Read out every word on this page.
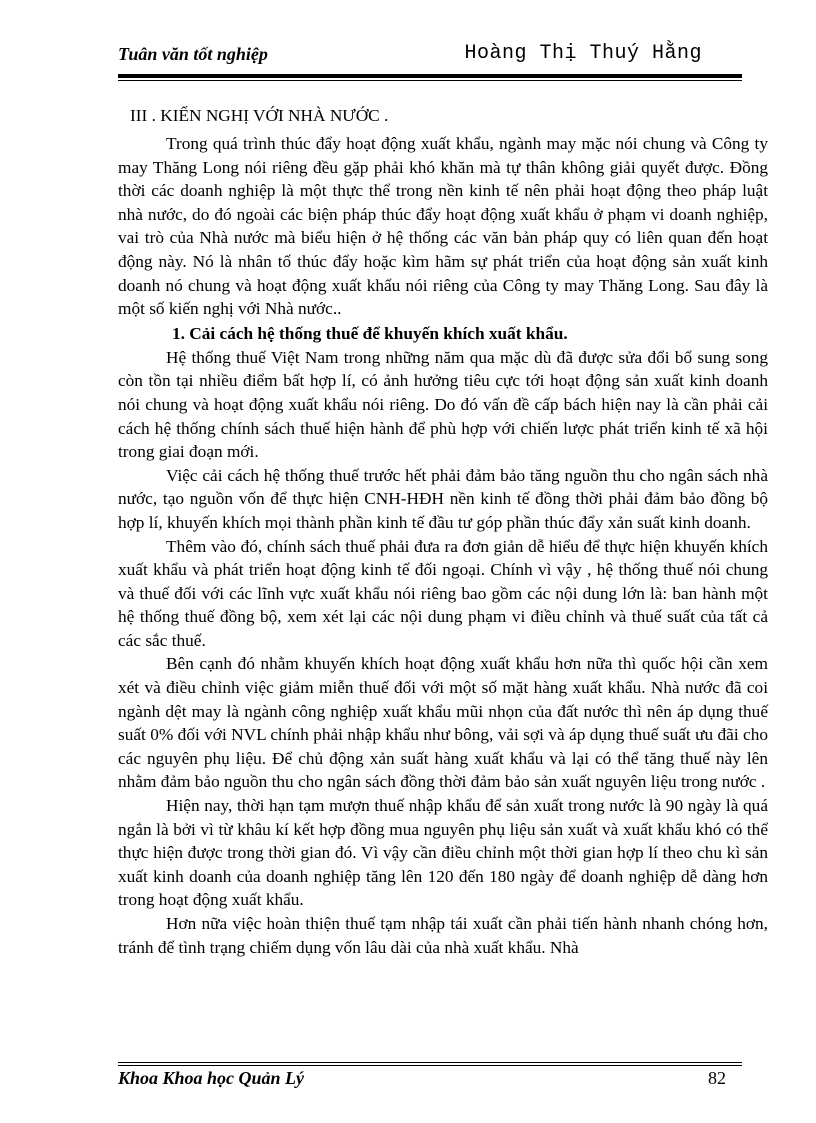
Tuân văn tốt nghiệp	Hoàng Thị Thuý Hằng
III . KIẾN NGHỊ VỚI NHÀ NƯỚC .

Trong quá trình thúc đẩy hoạt động xuất khẩu, ngành may mặc nói chung và Công ty may Thăng Long nói riêng đều gặp phải khó khăn mà tự thân không giải quyết được. Đồng thời các doanh nghiệp là một thực thể trong nền kinh tế nên phải hoạt động theo pháp luật nhà nước, do đó ngoài các biện pháp thúc đẩy hoạt động xuất khẩu ở phạm vi doanh nghiệp, vai trò của Nhà nước mà biểu hiện ở hệ thống các văn bản pháp quy có liên quan đến hoạt động này. Nó là nhân tố thúc đẩy hoặc kìm hãm sự phát triển của hoạt động sản xuất kinh doanh nó chung và hoạt động xuất khẩu nói riêng của Công ty may Thăng Long. Sau đây là một số kiến nghị với Nhà nước..

1. Cải cách hệ thống thuế để khuyến khích xuất khẩu.

Hệ thống thuế Việt Nam trong những năm qua mặc dù đã được sửa đổi bổ sung song còn tồn tại nhiều điểm bất hợp lí, có ảnh hưởng tiêu cực tới hoạt động sản xuất kinh doanh nói chung và hoạt động xuất khẩu nói riêng. Do đó vấn đề cấp bách hiện nay là cần phải cải cách hệ thống chính sách thuế hiện hành để phù hợp với chiến lược phát triển kinh tế xã hội trong giai đoạn mới.

Việc cải cách hệ thống thuế trước hết phải đảm bảo tăng nguồn thu cho ngân sách nhà nước, tạo nguồn vốn để thực hiện CNH-HĐH nền kinh tế đồng thời phải đảm bảo đồng bộ hợp lí, khuyến khích mọi thành phần kinh tế đầu tư góp phần thúc đẩy xản suất kinh doanh.

Thêm vào đó, chính sách thuế phải đưa ra đơn giản dễ hiểu để thực hiện khuyến khích xuất khẩu và phát triển hoạt động kinh tế đối ngoại. Chính vì vậy , hệ thống thuế nói chung và thuế đối với các lĩnh vực xuất khẩu nói riêng bao gồm các nội dung lớn là: ban hành một hệ thống thuế đồng bộ, xem xét lại các nội dung phạm vi điều chỉnh và thuế suất của tất cả các sắc thuế.

Bên cạnh đó nhằm khuyến khích hoạt động xuất khẩu hơn nữa thì quốc hội cần xem xét và điều chỉnh việc giảm miễn thuế đối với một số mặt hàng xuất khẩu. Nhà nước đã coi ngành dệt may là ngành công nghiệp xuất khẩu mũi nhọn của đất nước thì nên áp dụng thuế suất 0% đối với NVL chính phải nhập khẩu như bông, vải sợi và áp dụng thuế suất ưu đãi cho các nguyên phụ liệu. Để chủ động xản suất hàng xuất khẩu và lại có thể tăng thuế này lên nhằm đảm bảo nguồn thu cho ngân sách đồng thời đảm bảo sản xuất nguyên liệu trong nước .

Hiện nay, thời hạn tạm mượn thuế nhập khẩu để sản xuất trong nước là 90 ngày là quá ngắn là bởi vì từ khâu kí kết hợp đồng mua nguyên phụ liệu sản xuất và xuất khẩu khó có thể thực hiện được trong thời gian đó. Vì vậy cần điều chỉnh một thời gian hợp lí theo chu kì sản xuất kinh doanh của doanh nghiệp tăng lên 120 đến 180 ngày để doanh nghiệp dễ dàng hơn trong hoạt động xuất khẩu.

Hơn nữa việc hoàn thiện thuế tạm nhập tái xuất cần phải tiến hành nhanh chóng hơn, tránh để tình trạng chiếm dụng vốn lâu dài của nhà xuất khẩu. Nhà

Khoa Khoa học Quản Lý	82
